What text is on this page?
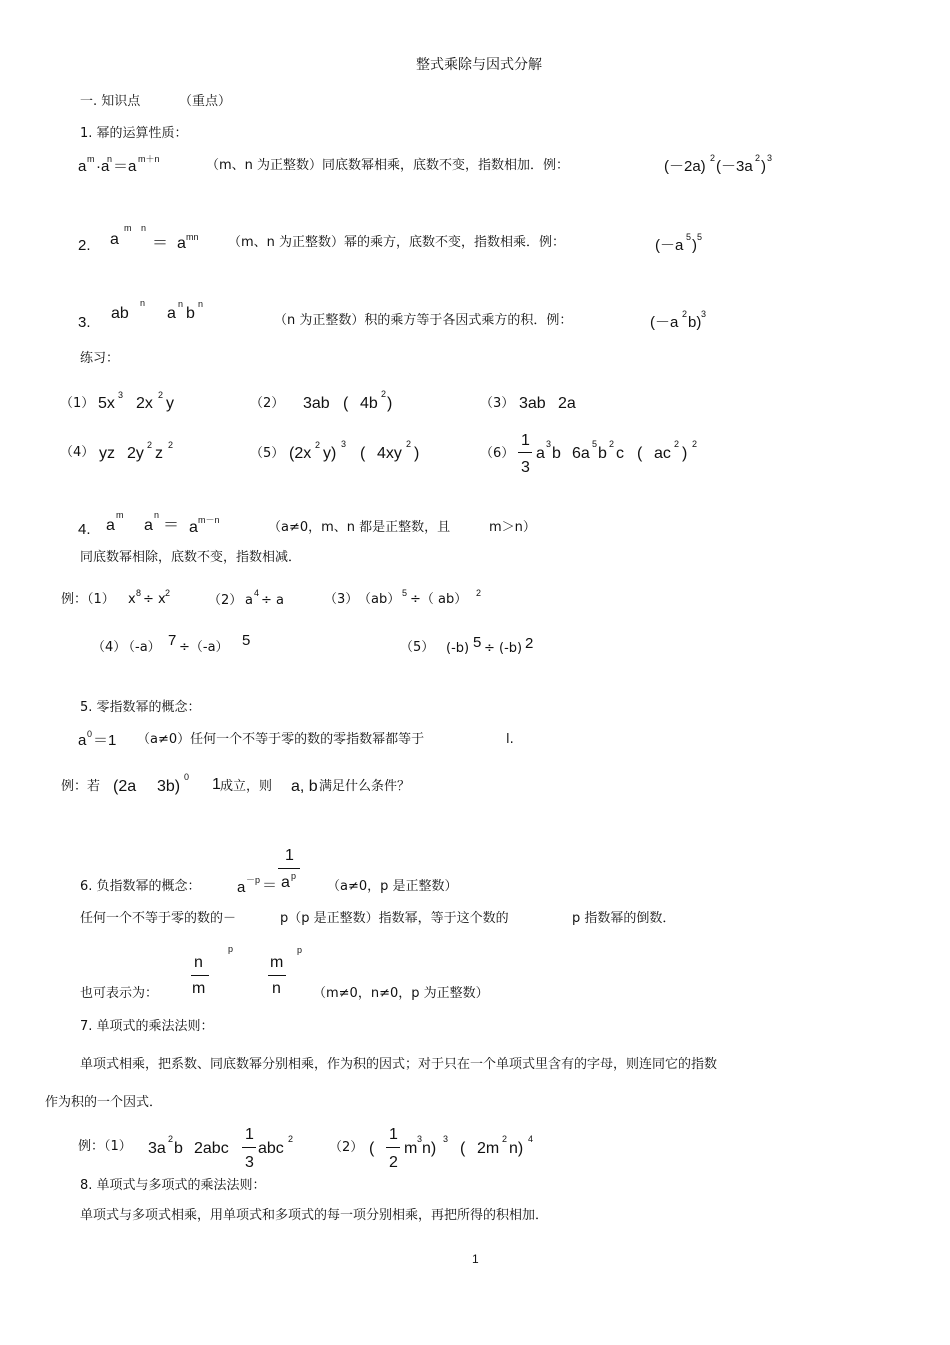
整式乘除与因式分解
一. 知识点	（重点）
1. 幂的运算性质：
a m ·a
n ＝a m＋n	（m、n 为正整数）同底数幂相乘，底数不变，指数相加．例：	(－2a) 2 (－3a 2 ) 3
2. a
m n
＝ a mn （m、n 为正整数）幂的乘方，底数不变，指数相乘．例：	(－a 5 ) 5
3.
ab
n
a
n
b
n
（n 为正整数）积的乘方等于各因式乘方的积．例：	(－a 2 b) 3
练习：
（1） 5x 3 2x 2 y	（2） 3ab ( 4b
2
)	（3） 3ab 2a
（4） yz 2y 2 z 2
（5） (2x 2 y)
3
( 4xy
2
)	（6）
1
3
a
3
b 6a
5
b
2
c ( ac
2
)
2
4. a
m
a
n
＝ a m－n	（a≠0，m、n 都是正整数，且	m＞n）
同底数幂相除，底数不变，指数相减．
例：（1） x 8 ÷ x 2	（2） a 4 ÷ a	（3） （ab） 5 ÷（ ab） 2
（4）
（-a） 7 ÷（-a） 5	（5） (-b) 5 ÷ (-b) 2
5. 零指数幂的概念：
a 0 ＝1 （a≠0）任何一个不等于零的数的零指数幂都等于	l.
例：若 (2a 3b)
0 1 成立，则 a, b 满足什么条件？
6. 负指数幂的概念： a －p ＝
1
a p
（a≠0，p 是正整数）
任何一个不等于零的数的－	p（p 是正整数）指数幂，等于这个数的	p 指数幂的倒数．
也可表示为：
n
m
p
m
n
p
（m≠0，n≠0，p 为正整数）
7. 单项式的乘法法则：
单项式相乘，把系数、同底数幂分别相乘，作为积的因式；对于只在一个单项式里含有的字母，则连同它的指数
作为积的一个因式．
例：（1） 3a
2
b 2abc
1
3
abc
2
（2） (
1
2
m
3
n)
3
( 2m
2
n)
4
8. 单项式与多项式的乘法法则：
单项式与多项式相乘，用单项式和多项式的每一项分别相乘，再把所得的积相加．
1
